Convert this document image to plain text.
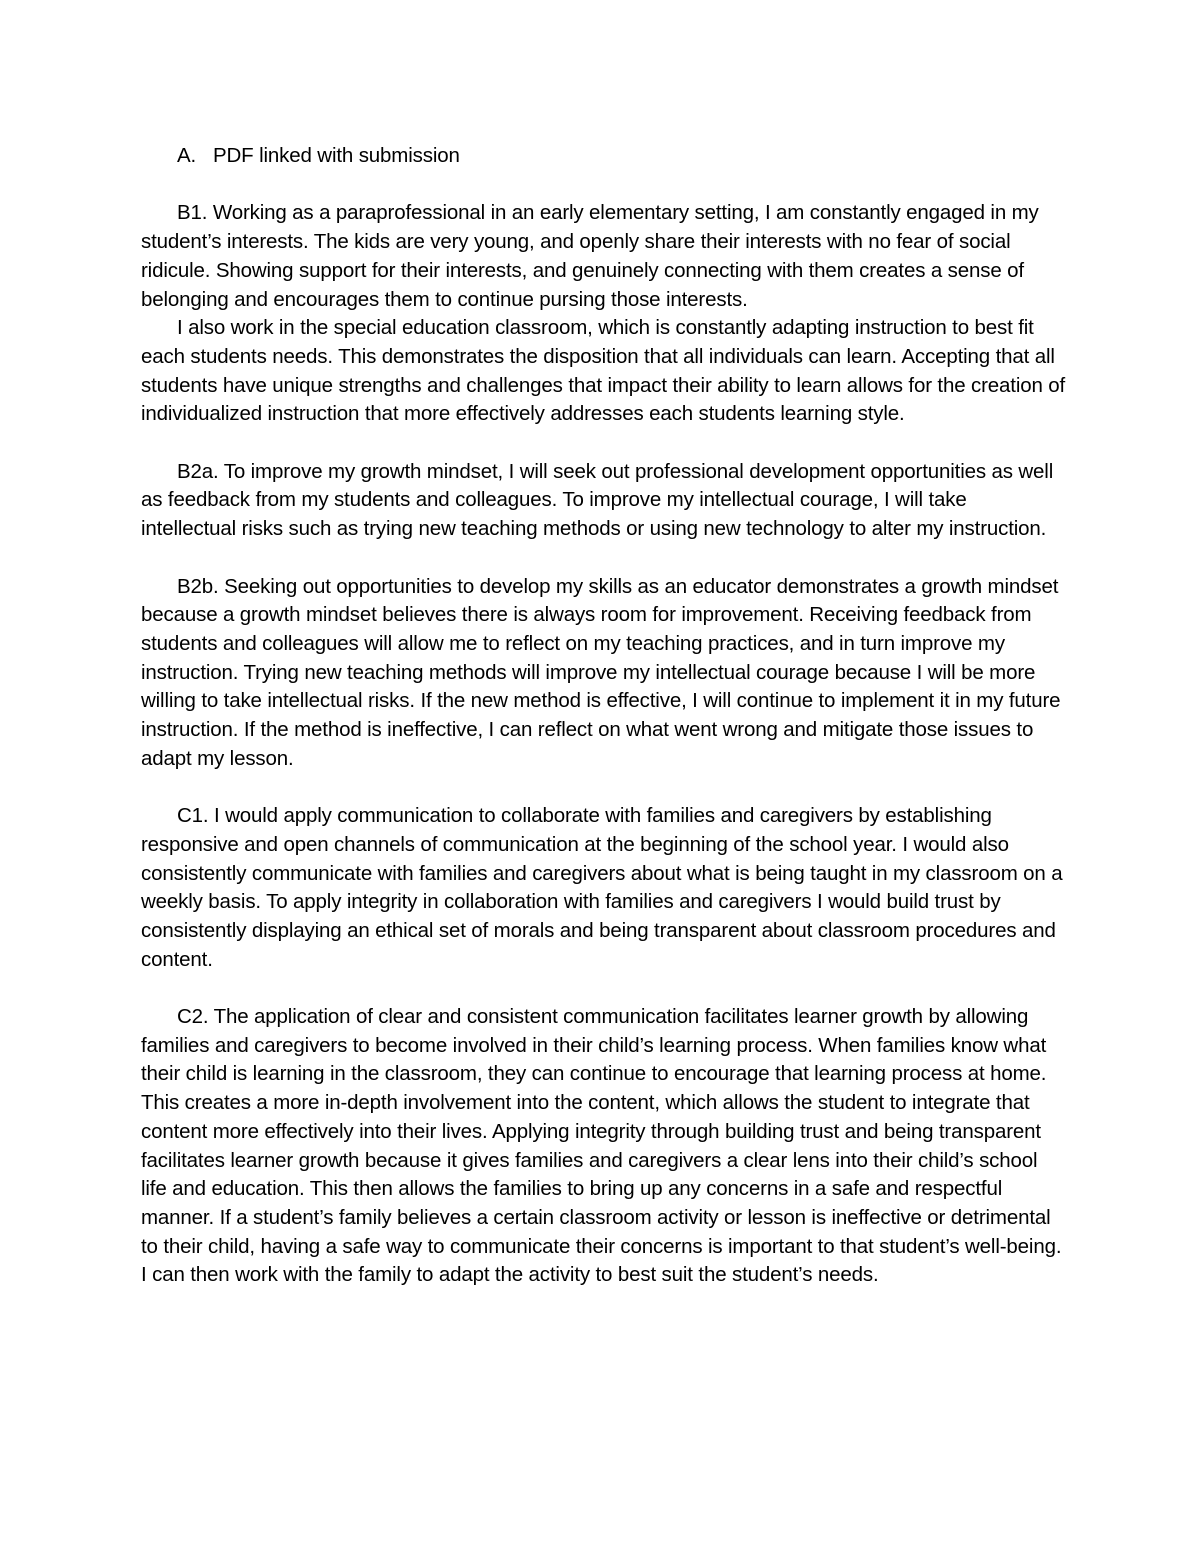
A. PDF linked with submission

B1. Working as a paraprofessional in an early elementary setting, I am constantly engaged in my student’s interests. The kids are very young, and openly share their interests with no fear of social ridicule. Showing support for their interests, and genuinely connecting with them creates a sense of belonging and encourages them to continue pursing those interests.

I also work in the special education classroom, which is constantly adapting instruction to best fit each students needs. This demonstrates the disposition that all individuals can learn. Accepting that all students have unique strengths and challenges that impact their ability to learn allows for the creation of individualized instruction that more effectively addresses each students learning style.

B2a. To improve my growth mindset, I will seek out professional development opportunities as well as feedback from my students and colleagues. To improve my intellectual courage, I will take intellectual risks such as trying new teaching methods or using new technology to alter my instruction.

B2b. Seeking out opportunities to develop my skills as an educator demonstrates a growth mindset because a growth mindset believes there is always room for improvement. Receiving feedback from students and colleagues will allow me to reflect on my teaching practices, and in turn improve my instruction. Trying new teaching methods will improve my intellectual courage because I will be more willing to take intellectual risks. If the new method is effective, I will continue to implement it in my future instruction. If the method is ineffective, I can reflect on what went wrong and mitigate those issues to adapt my lesson.

C1. I would apply communication to collaborate with families and caregivers by establishing responsive and open channels of communication at the beginning of the school year. I would also consistently communicate with families and caregivers about what is being taught in my classroom on a weekly basis. To apply integrity in collaboration with families and caregivers I would build trust by consistently displaying an ethical set of morals and being transparent about classroom procedures and content.

C2. The application of clear and consistent communication facilitates learner growth by allowing families and caregivers to become involved in their child’s learning process. When families know what their child is learning in the classroom, they can continue to encourage that learning process at home. This creates a more in-depth involvement into the content, which allows the student to integrate that content more effectively into their lives. Applying integrity through building trust and being transparent facilitates learner growth because it gives families and caregivers a clear lens into their child’s school life and education. This then allows the families to bring up any concerns in a safe and respectful manner. If a student’s family believes a certain classroom activity or lesson is ineffective or detrimental to their child, having a safe way to communicate their concerns is important to that student’s well-being. I can then work with the family to adapt the activity to best suit the student’s needs.
